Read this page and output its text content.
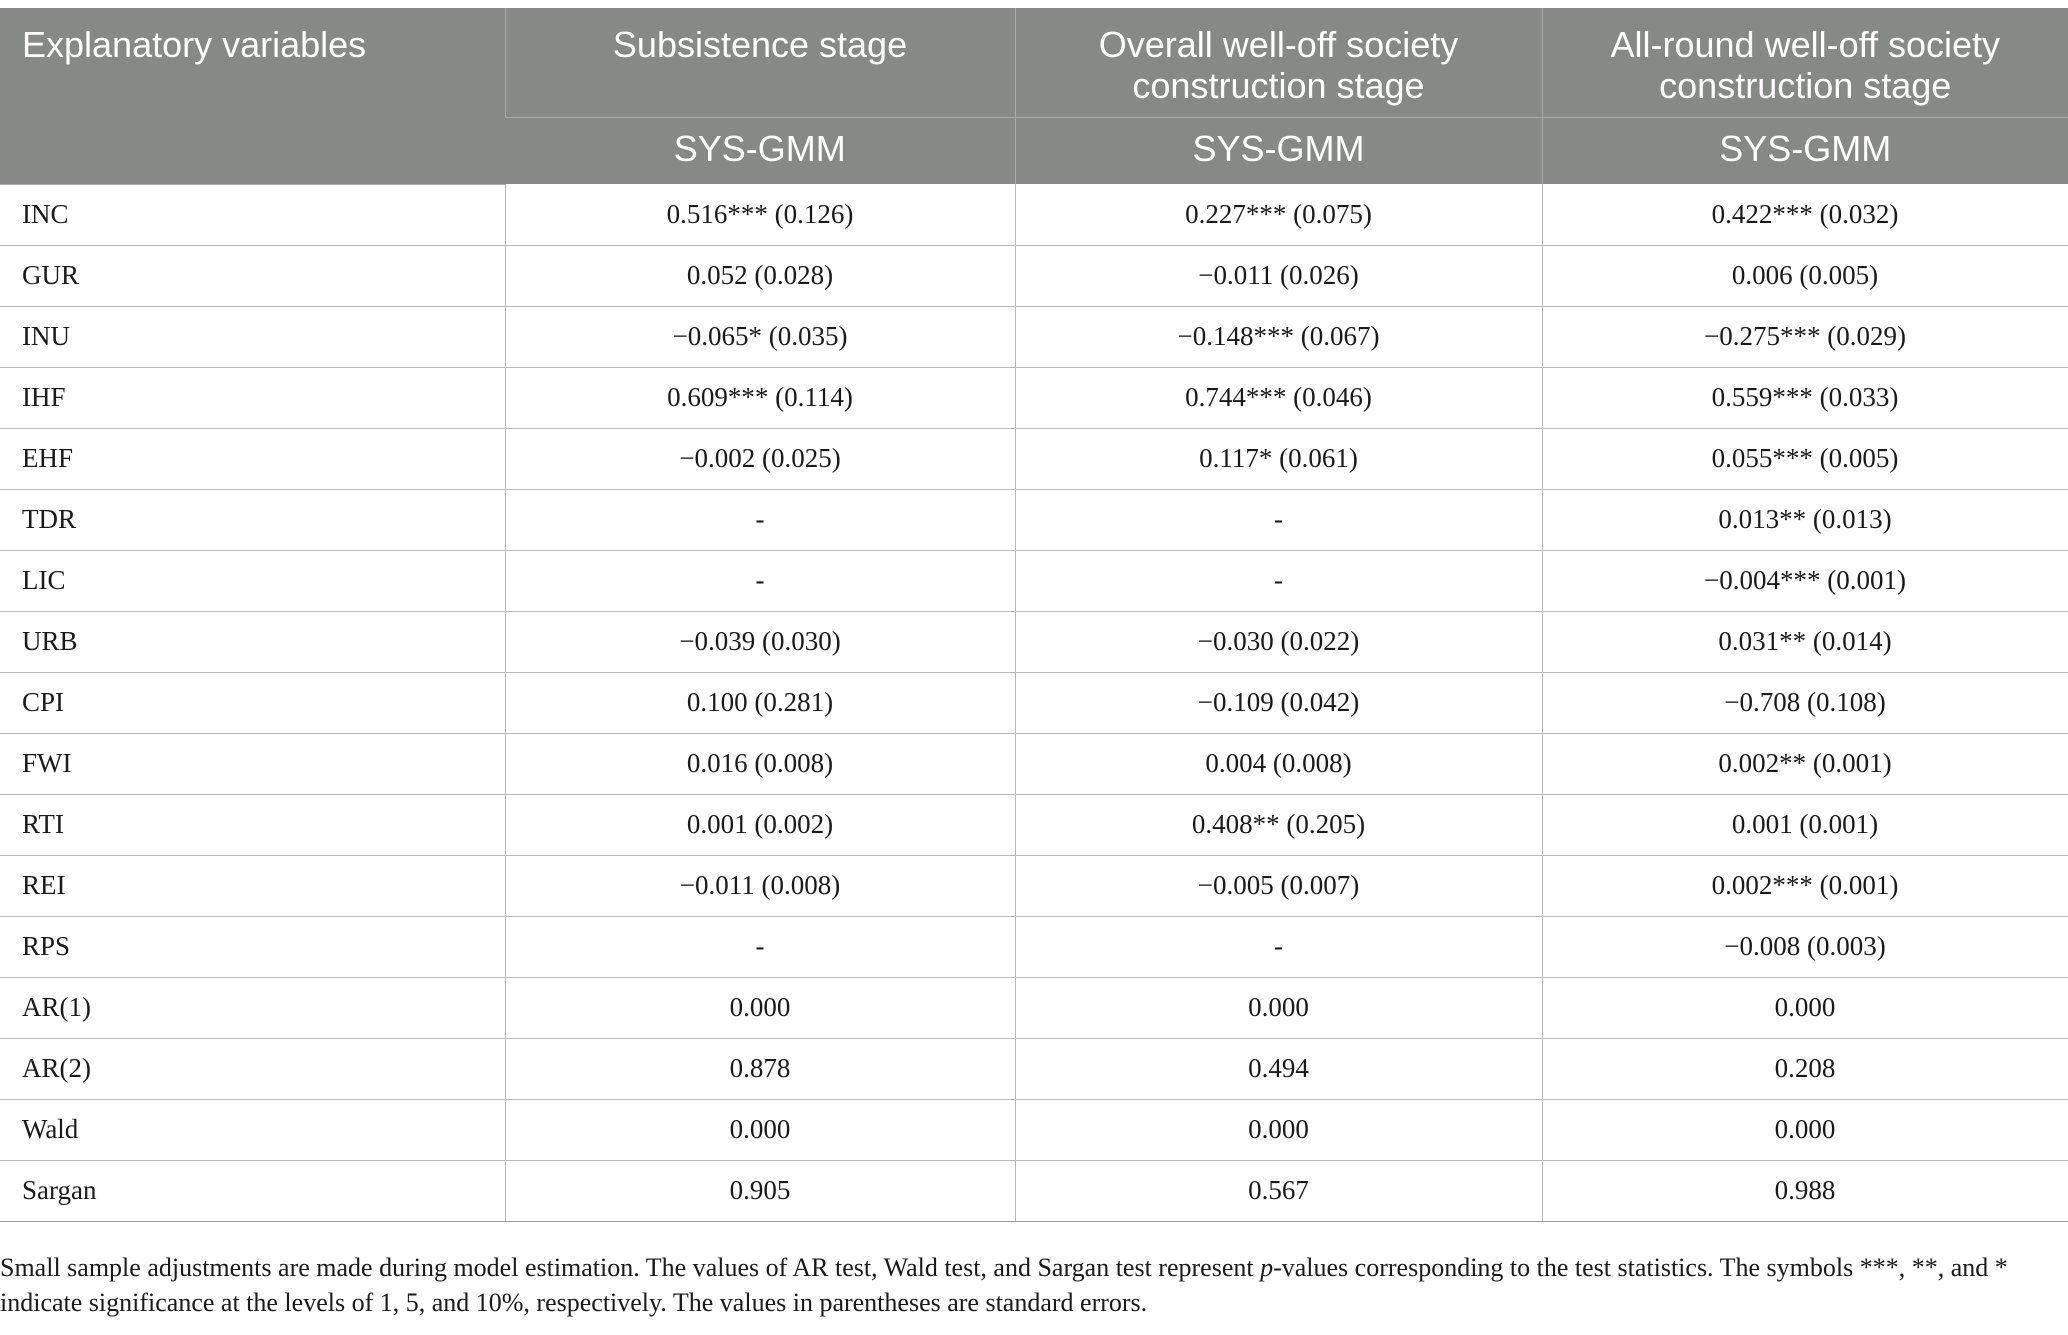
Explanatory variables	Subsistence stage	Overall well-off society construction stage	All-round well-off society construction stage
	SYS-GMM	SYS-GMM	SYS-GMM
INC	0.516*** (0.126)	0.227*** (0.075)	0.422*** (0.032)
GUR	0.052 (0.028)	−0.011 (0.026)	0.006 (0.005)
INU	−0.065* (0.035)	−0.148*** (0.067)	−0.275*** (0.029)
IHF	0.609*** (0.114)	0.744*** (0.046)	0.559*** (0.033)
EHF	−0.002 (0.025)	0.117* (0.061)	0.055*** (0.005)
TDR	-	-	0.013** (0.013)
LIC	-	-	−0.004*** (0.001)
URB	−0.039 (0.030)	−0.030 (0.022)	0.031** (0.014)
CPI	0.100 (0.281)	−0.109 (0.042)	−0.708 (0.108)
FWI	0.016 (0.008)	0.004 (0.008)	0.002** (0.001)
RTI	0.001 (0.002)	0.408** (0.205)	0.001 (0.001)
REI	−0.011 (0.008)	−0.005 (0.007)	0.002*** (0.001)
RPS	-	-	−0.008 (0.003)
AR(1)	0.000	0.000	0.000
AR(2)	0.878	0.494	0.208
Wald	0.000	0.000	0.000
Sargan	0.905	0.567	0.988
Small sample adjustments are made during model estimation. The values of AR test, Wald test, and Sargan test represent p-values corresponding to the test statistics. The symbols ***, **, and * indicate significance at the levels of 1, 5, and 10%, respectively. The values in parentheses are standard errors.
